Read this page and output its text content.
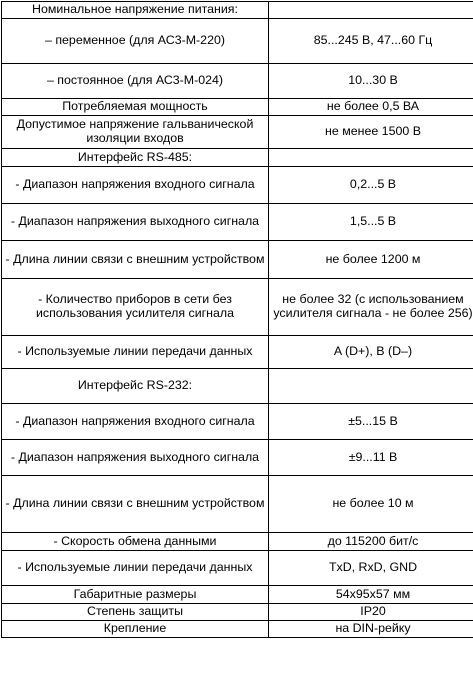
Номинальное напряжение питания:	
– переменное (для АС3-М-220)	85...245 В, 47...60 Гц
– постоянное (для АС3-М-024)	10...30 В
Потребляемая мощность	не более 0,5 ВА
Допустимое напряжение гальванической изоляции входов	не менее 1500 В
Интерфейс RS-485:	
- Диапазон напряжения входного сигнала	0,2...5 В
- Диапазон напряжения выходного сигнала	1,5...5 В
- Длина линии связи с внешним устройством	не более 1200 м
- Количество приборов в сети без использования усилителя сигнала	не более 32 (с использованием усилителя сигнала - не более 256)
- Используемые линии передачи данных	A (D+), B (D–)
Интерфейс RS-232:	
- Диапазон напряжения входного сигнала	±5...15 В
- Диапазон напряжения выходного сигнала	±9...11 В
- Длина линии связи с внешним устройством	не более 10 м
- Скорость обмена данными	до 115200 бит/с
- Используемые линии передачи данных	TxD, RxD, GND
Габаритные размеры	54x95x57 мм
Степень защиты	IP20
Крепление	на DIN-рейку
